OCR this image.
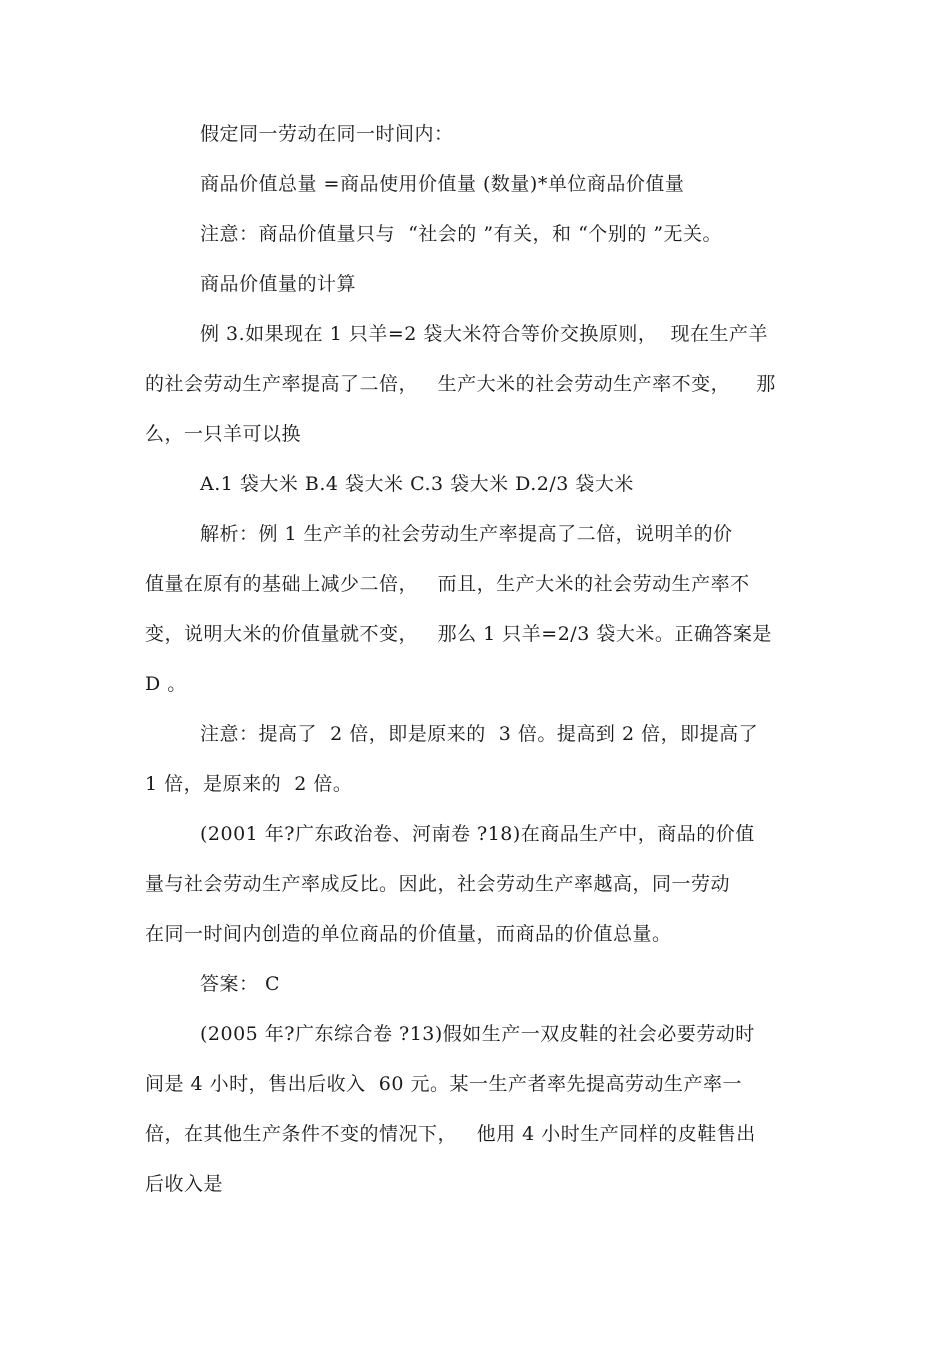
假定同一劳动在同一时间内：
商品价值总量 =商品使用价值量 (数量)*单位商品价值量
注意：商品价值量只与  “社会的 ”有关，和 “个别的 ”无关。
商品价值量的计算
例 3.如果现在 1 只羊=2 袋大米符合等价交换原则，  现在生产羊
的社会劳动生产率提高了二倍，   生产大米的社会劳动生产率不变，    那
么，一只羊可以换
A.1 袋大米 B.4 袋大米 C.3 袋大米 D.2/3 袋大米
解析：例 1 生产羊的社会劳动生产率提高了二倍，说明羊的价
值量在原有的基础上减少二倍，   而且，生产大米的社会劳动生产率不
变，说明大米的价值量就不变，   那么 1 只羊=2/3 袋大米。正确答案是
D 。
注意：提高了  2 倍，即是原来的  3 倍。提高到 2 倍，即提高了
1 倍，是原来的  2 倍。
(2001 年?广东政治卷、河南卷 ?18)在商品生产中，商品的价值
量与社会劳动生产率成反比。因此，社会劳动生产率越高，同一劳动
在同一时间内创造的单位商品的价值量，而商品的价值总量。
答案： C
(2005 年?广东综合卷 ?13)假如生产一双皮鞋的社会必要劳动时
间是 4 小时，售出后收入  60 元。某一生产者率先提高劳动生产率一
倍，在其他生产条件不变的情况下，   他用 4 小时生产同样的皮鞋售出
后收入是
